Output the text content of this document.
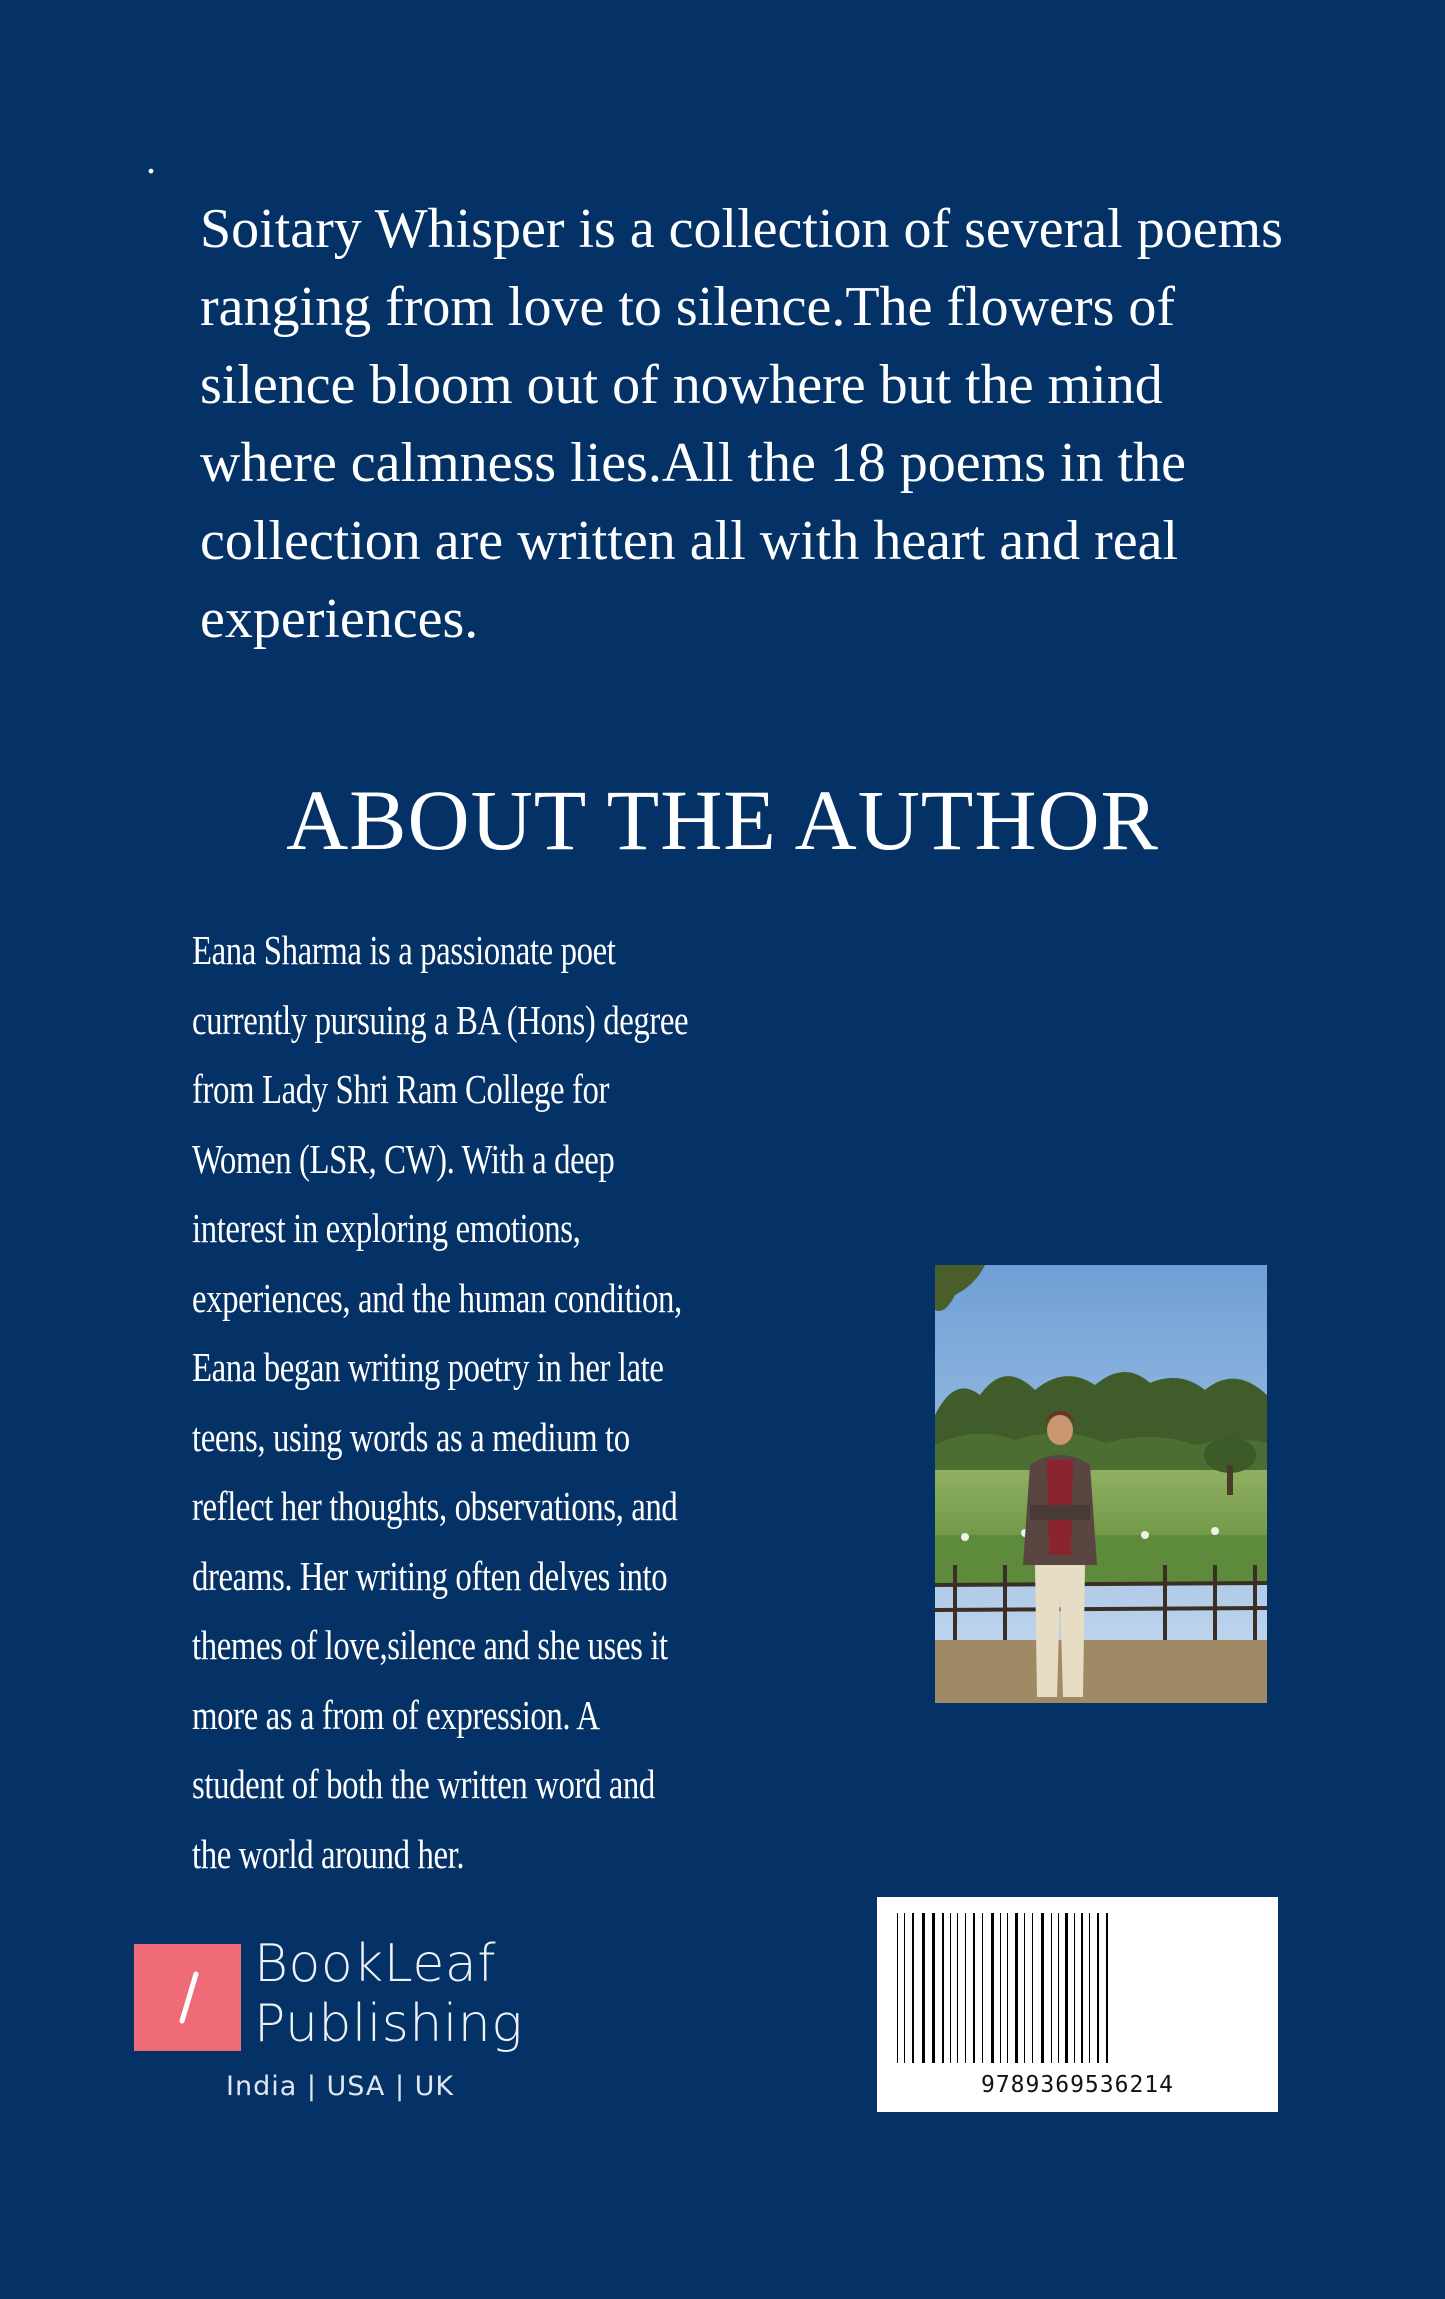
.

Soitary Whisper is a collection of several poems ranging from love to silence.The flowers of silence bloom out of nowhere but the mind where calmness lies.All the 18 poems in the collection are written all with heart and real experiences.

ABOUT THE AUTHOR

Eana Sharma is a passionate poet currently pursuing a BA (Hons) degree from Lady Shri Ram College for Women (LSR, CW). With a deep interest in exploring emotions, experiences, and the human condition, Eana began writing poetry in her late teens, using words as a medium to reflect her thoughts, observations, and dreams. Her writing often delves into themes of love,silence and she uses it more as a from of expression. A student of both the written word and the world around her.

BookLeaf
Publishing
India | USA | UK	9789369536214
